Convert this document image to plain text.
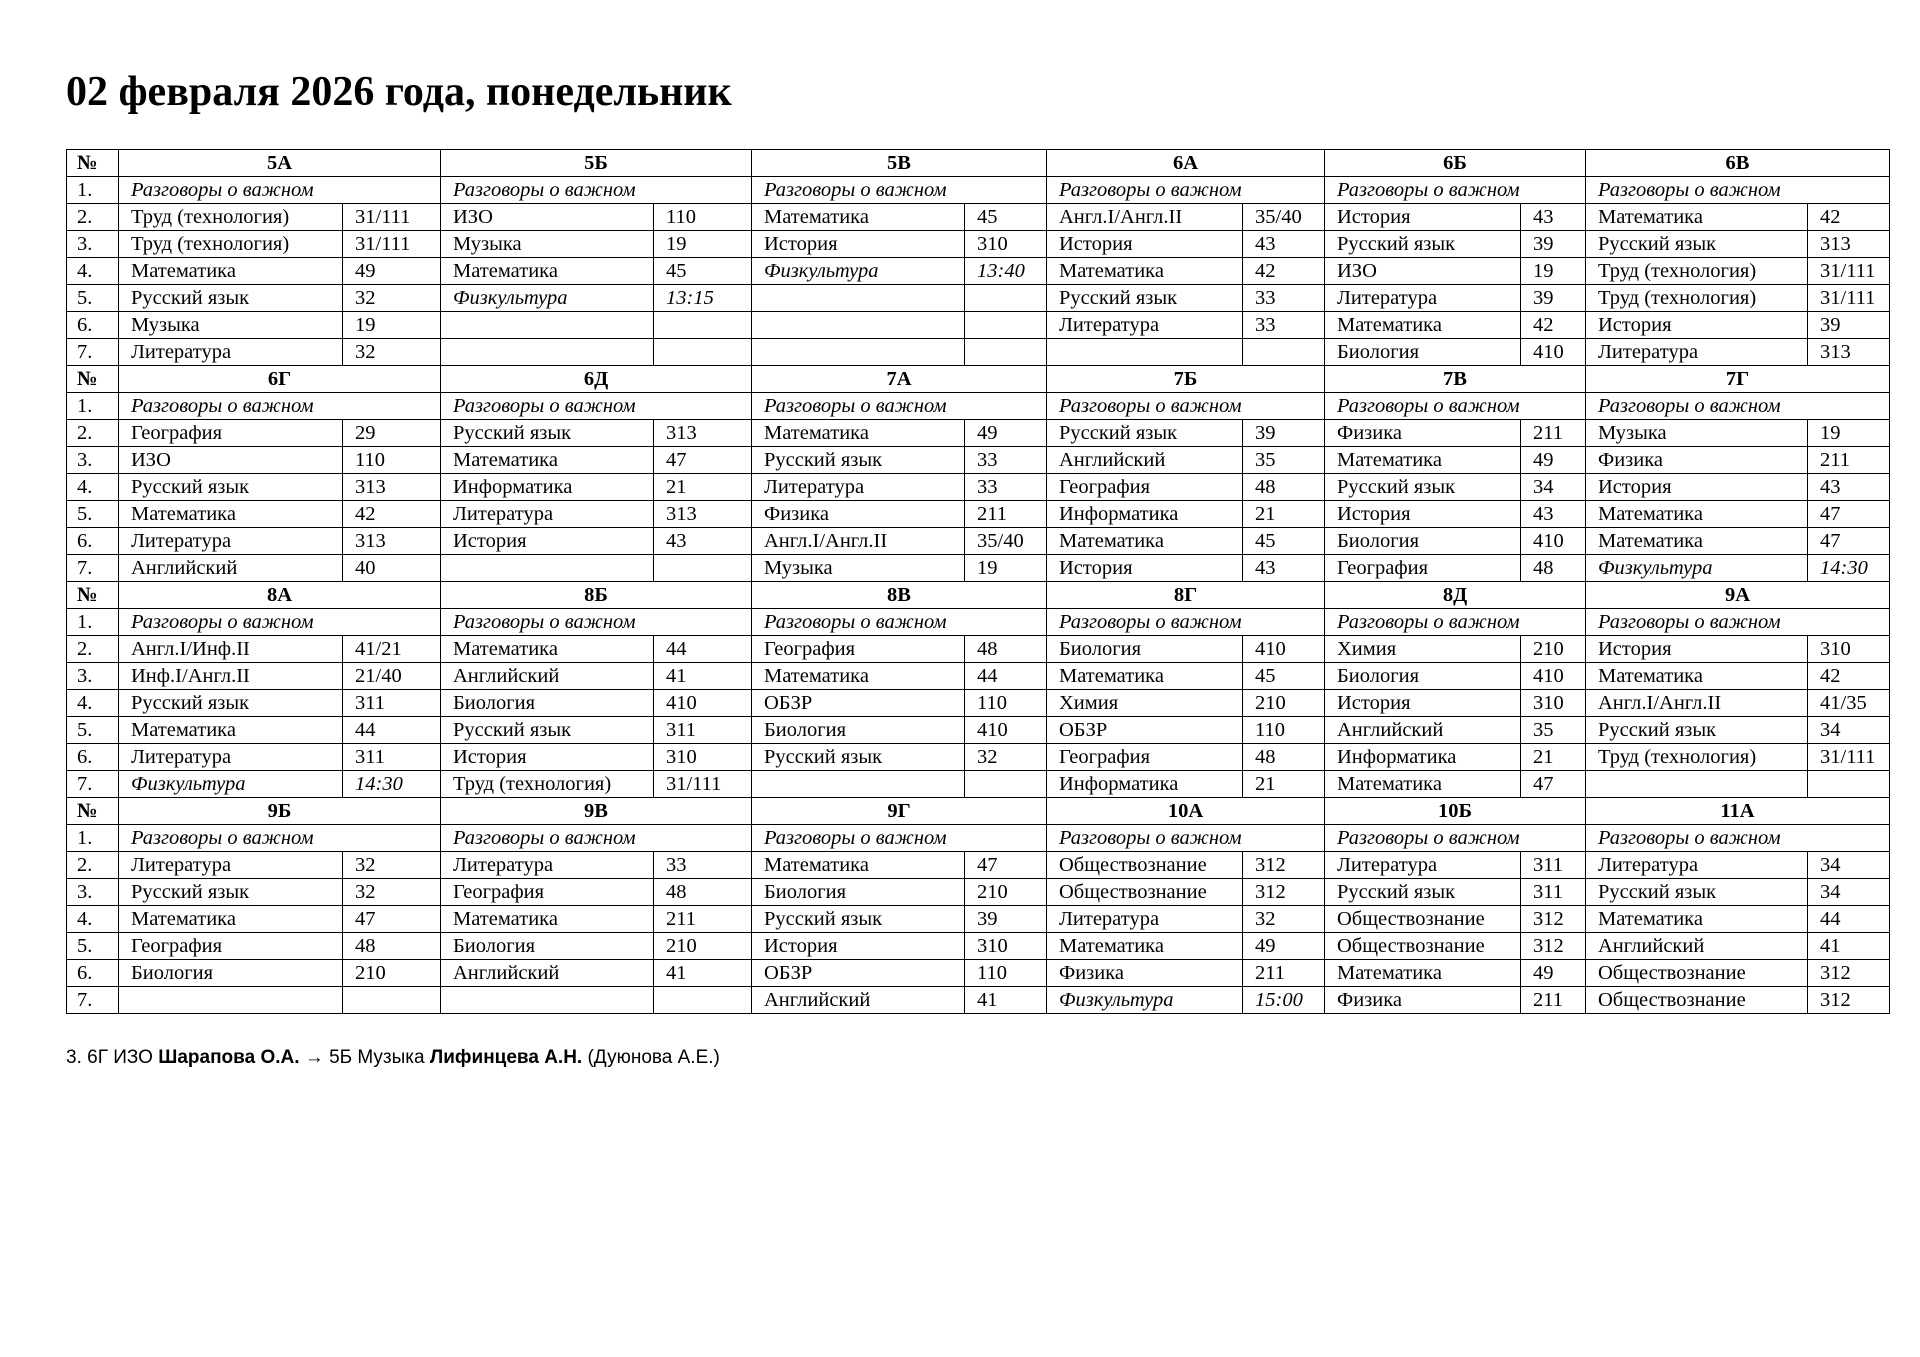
02 февраля 2026 года, понедельник
№	5А		5Б		5В		6А		6Б		6В	
1.	Разговоры о важном		Разговоры о важном		Разговоры о важном		Разговоры о важном		Разговоры о важном		Разговоры о важном	
2.	Труд (технология)	31/111	ИЗО	110	Математика	45	Англ.I/Англ.II	35/40	История	43	Математика	42
3.	Труд (технология)	31/111	Музыка	19	История	310	История	43	Русский язык	39	Русский язык	313
4.	Математика	49	Математика	45	Физкультура	13:40	Математика	42	ИЗО	19	Труд (технология)	31/111
5.	Русский язык	32	Физкультура	13:15			Русский язык	33	Литература	39	Труд (технология)	31/111
6.	Музыка	19					Литература	33	Математика	42	История	39
7.	Литература	32							Биология	410	Литература	313
№	6Г		6Д		7А		7Б		7В		7Г	
1.	Разговоры о важном		Разговоры о важном		Разговоры о важном		Разговоры о важном		Разговоры о важном		Разговоры о важном	
2.	География	29	Русский язык	313	Математика	49	Русский язык	39	Физика	211	Музыка	19
3.	ИЗО	110	Математика	47	Русский язык	33	Английский	35	Математика	49	Физика	211
4.	Русский язык	313	Информатика	21	Литература	33	География	48	Русский язык	34	История	43
5.	Математика	42	Литература	313	Физика	211	Информатика	21	История	43	Математика	47
6.	Литература	313	История	43	Англ.I/Англ.II	35/40	Математика	45	Биология	410	Математика	47
7.	Английский	40			Музыка	19	История	43	География	48	Физкультура	14:30
№	8А		8Б		8В		8Г		8Д		9А	
1.	Разговоры о важном		Разговоры о важном		Разговоры о важном		Разговоры о важном		Разговоры о важном		Разговоры о важном	
2.	Англ.I/Инф.II	41/21	Математика	44	География	48	Биология	410	Химия	210	История	310
3.	Инф.I/Англ.II	21/40	Английский	41	Математика	44	Математика	45	Биология	410	Математика	42
4.	Русский язык	311	Биология	410	ОБЗР	110	Химия	210	История	310	Англ.I/Англ.II	41/35
5.	Математика	44	Русский язык	311	Биология	410	ОБЗР	110	Английский	35	Русский язык	34
6.	Литература	311	История	310	Русский язык	32	География	48	Информатика	21	Труд (технология)	31/111
7.	Физкультура	14:30	Труд (технология)	31/111			Информатика	21	Математика	47		
№	9Б		9В		9Г		10А		10Б		11А	
1.	Разговоры о важном		Разговоры о важном		Разговоры о важном		Разговоры о важном		Разговоры о важном		Разговоры о важном	
2.	Литература	32	Литература	33	Математика	47	Обществознание	312	Литература	311	Литература	34
3.	Русский язык	32	География	48	Биология	210	Обществознание	312	Русский язык	311	Русский язык	34
4.	Математика	47	Математика	211	Русский язык	39	Литература	32	Обществознание	312	Математика	44
5.	География	48	Биология	210	История	310	Математика	49	Обществознание	312	Английский	41
6.	Биология	210	Английский	41	ОБЗР	110	Физика	211	Математика	49	Обществознание	312
7.					Английский	41	Физкультура	15:00	Физика	211	Обществознание	312
3. 6Г ИЗО Шарапова О.А. → 5Б Музыка Лифинцева А.Н. (Дуюнова А.Е.)
